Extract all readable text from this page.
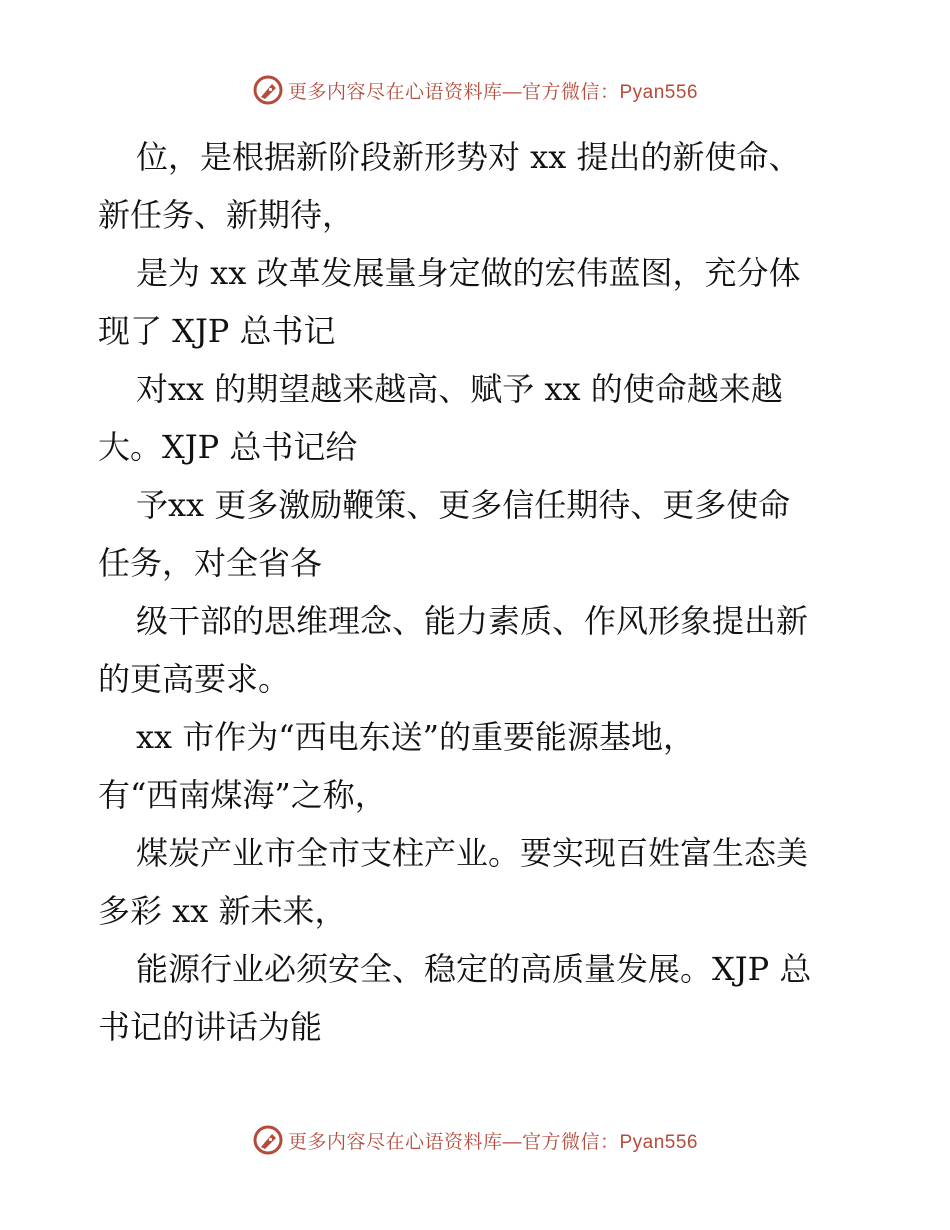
更多内容尽在心语资料库—官方微信：Pyan556
位，是根据新阶段新形势对 xx 提出的新使命、
新任务、新期待，
是为 xx 改革发展量身定做的宏伟蓝图，充分体
现了 XJP 总书记
对xx 的期望越来越高、赋予 xx 的使命越来越
大。XJP 总书记给
予xx 更多激励鞭策、更多信任期待、更多使命
任务，对全省各
级干部的思维理念、能力素质、作风形象提出新
的更高要求。
xx 市作为“西电东送”的重要能源基地，
有“西南煤海”之称，
煤炭产业市全市支柱产业。要实现百姓富生态美
多彩 xx 新未来，
能源行业必须安全、稳定的高质量发展。XJP 总
书记的讲话为能
更多内容尽在心语资料库—官方微信：Pyan556
